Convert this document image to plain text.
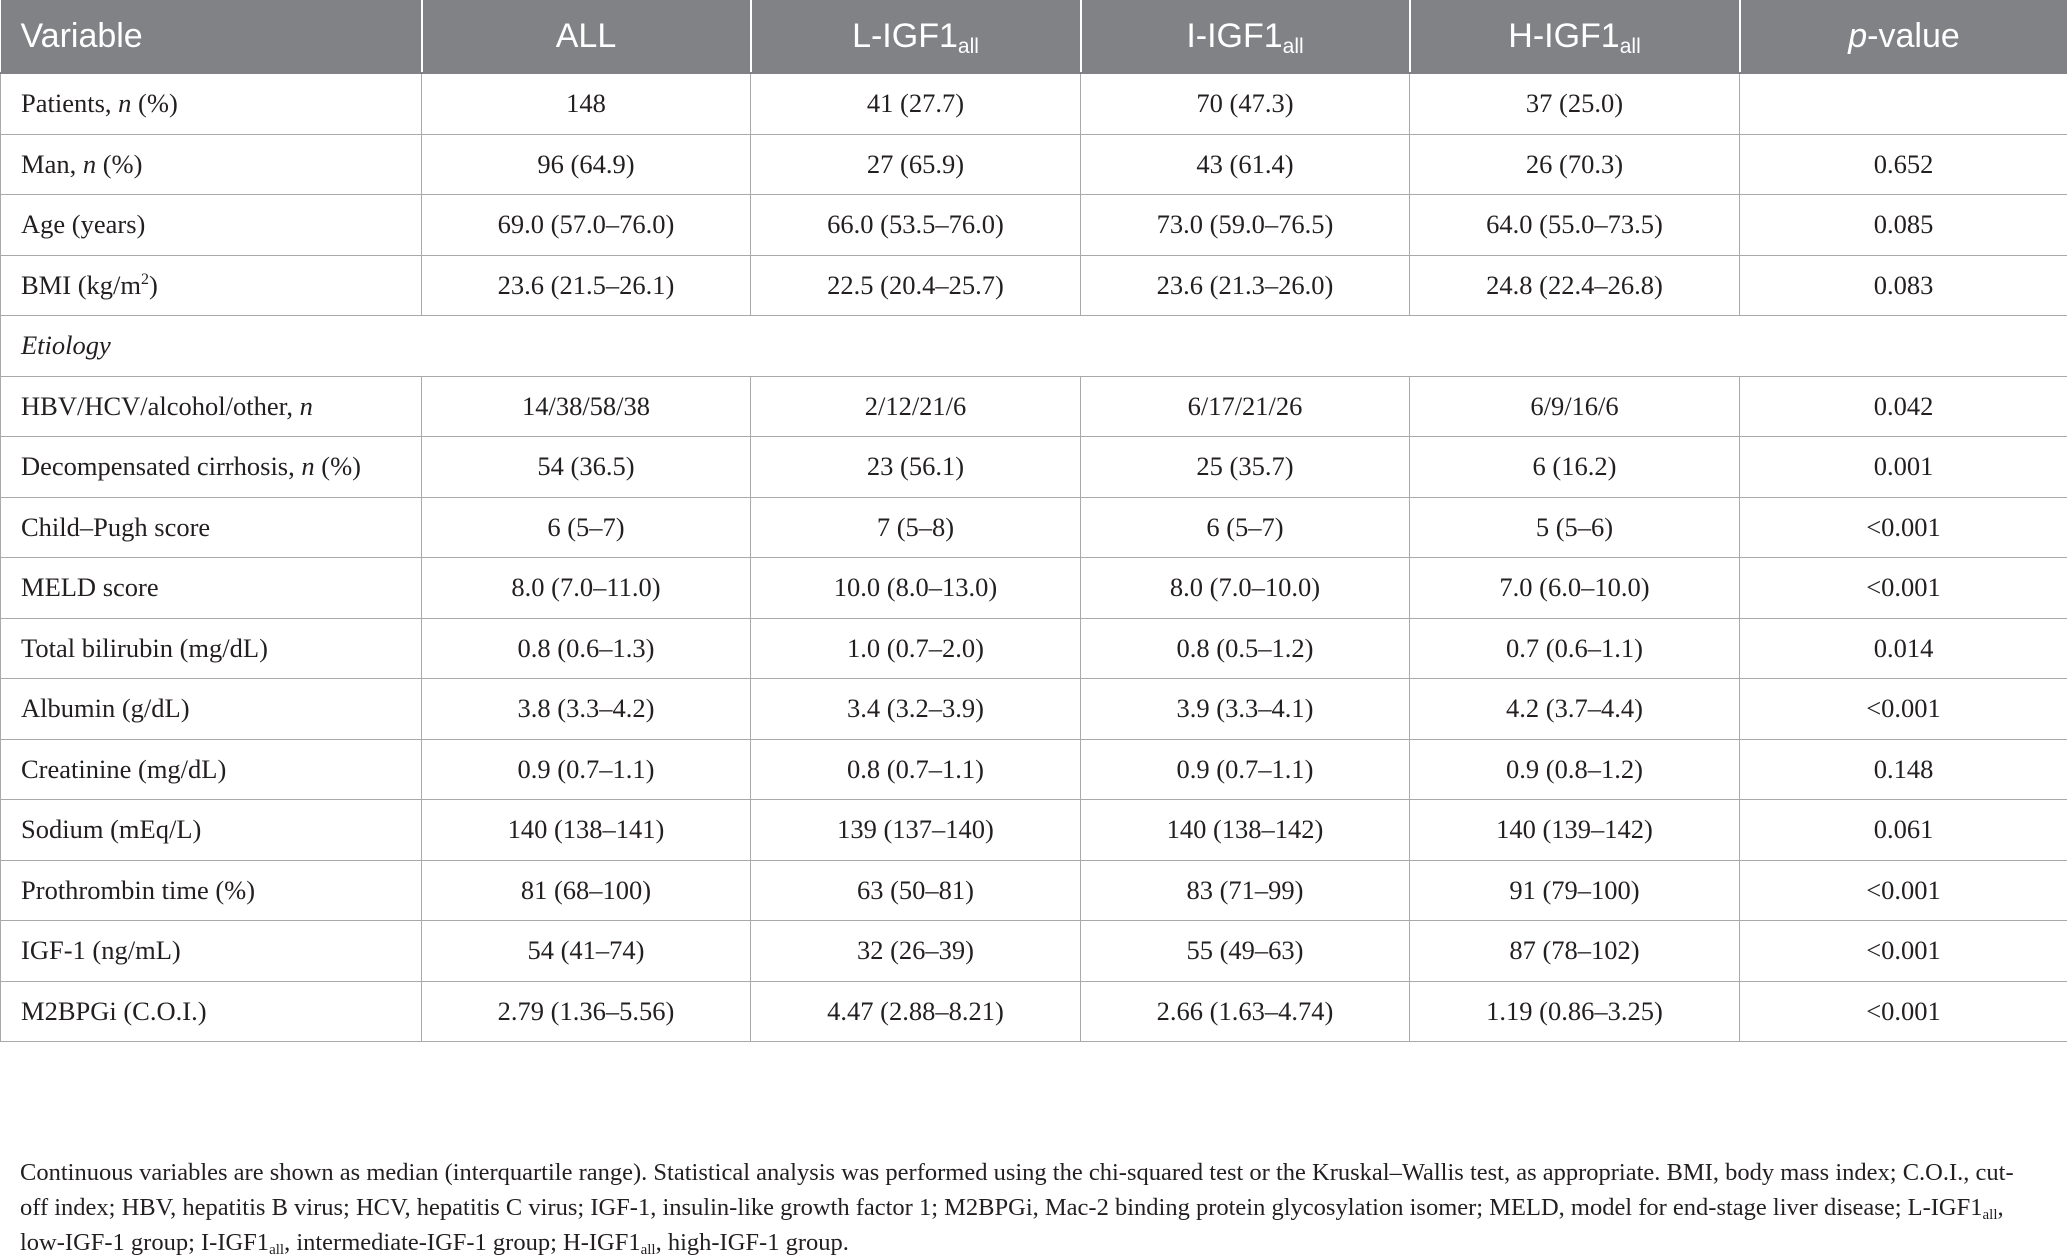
Variable	ALL	$L-IGF1_{all}$	$I-IGF1_{all}$	$H-IGF1_{all}$	p-value
Patients, n (%)	148	41 (27.7)	70 (47.3)	37 (25.0)	
Man, n (%)	96 (64.9)	27 (65.9)	43 (61.4)	26 (70.3)	0.652
Age (years)	69.0 (57.0–76.0)	66.0 (53.5–76.0)	73.0 (59.0–76.5)	64.0 (55.0–73.5)	0.085
BMI $(kg/m^2)$	23.6 (21.5–26.1)	22.5 (20.4–25.7)	23.6 (21.3–26.0)	24.8 (22.4–26.8)	0.083
Etiology					
HBV/HCV/alcohol/other, n	14/38/58/38	2/12/21/6	6/17/21/26	6/9/16/6	0.042
Decompensated cirrhosis, n (%)	54 (36.5)	23 (56.1)	25 (35.7)	6 (16.2)	0.001
Child–Pugh score	6 (5–7)	7 (5–8)	6 (5–7)	5 (5–6)	<0.001
MELD score	8.0 (7.0–11.0)	10.0 (8.0–13.0)	8.0 (7.0–10.0)	7.0 (6.0–10.0)	<0.001
Total bilirubin (mg/dL)	0.8 (0.6–1.3)	1.0 (0.7–2.0)	0.8 (0.5–1.2)	0.7 (0.6–1.1)	0.014
Albumin (g/dL)	3.8 (3.3–4.2)	3.4 (3.2–3.9)	3.9 (3.3–4.1)	4.2 (3.7–4.4)	<0.001
Creatinine (mg/dL)	0.9 (0.7–1.1)	0.8 (0.7–1.1)	0.9 (0.7–1.1)	0.9 (0.8–1.2)	0.148
Sodium (mEq/L)	140 (138–141)	139 (137–140)	140 (138–142)	140 (139–142)	0.061
Prothrombin time (%)	81 (68–100)	63 (50–81)	83 (71–99)	91 (79–100)	<0.001
IGF-1 (ng/mL)	54 (41–74)	32 (26–39)	55 (49–63)	87 (78–102)	<0.001
M2BPGi (C.O.I.)	2.79 (1.36–5.56)	4.47 (2.88–8.21)	2.66 (1.63–4.74)	1.19 (0.86–3.25)	<0.001
Continuous variables are shown as median (interquartile range). Statistical analysis was performed using the chi-squared test or the Kruskal–Wallis test, as appropriate. BMI, body mass index; C.O.I., cut-off index; HBV, hepatitis B virus; HCV, hepatitis C virus; IGF-1, insulin-like growth factor 1; M2BPGi, Mac-2 binding protein glycosylation isomer; MELD, model for end-stage liver disease; $L-IGF1_{all}$, low-IGF-1 group; $I-IGF1_{all}$, intermediate-IGF-1 group; $H-IGF1_{all}$, high-IGF-1 group.
